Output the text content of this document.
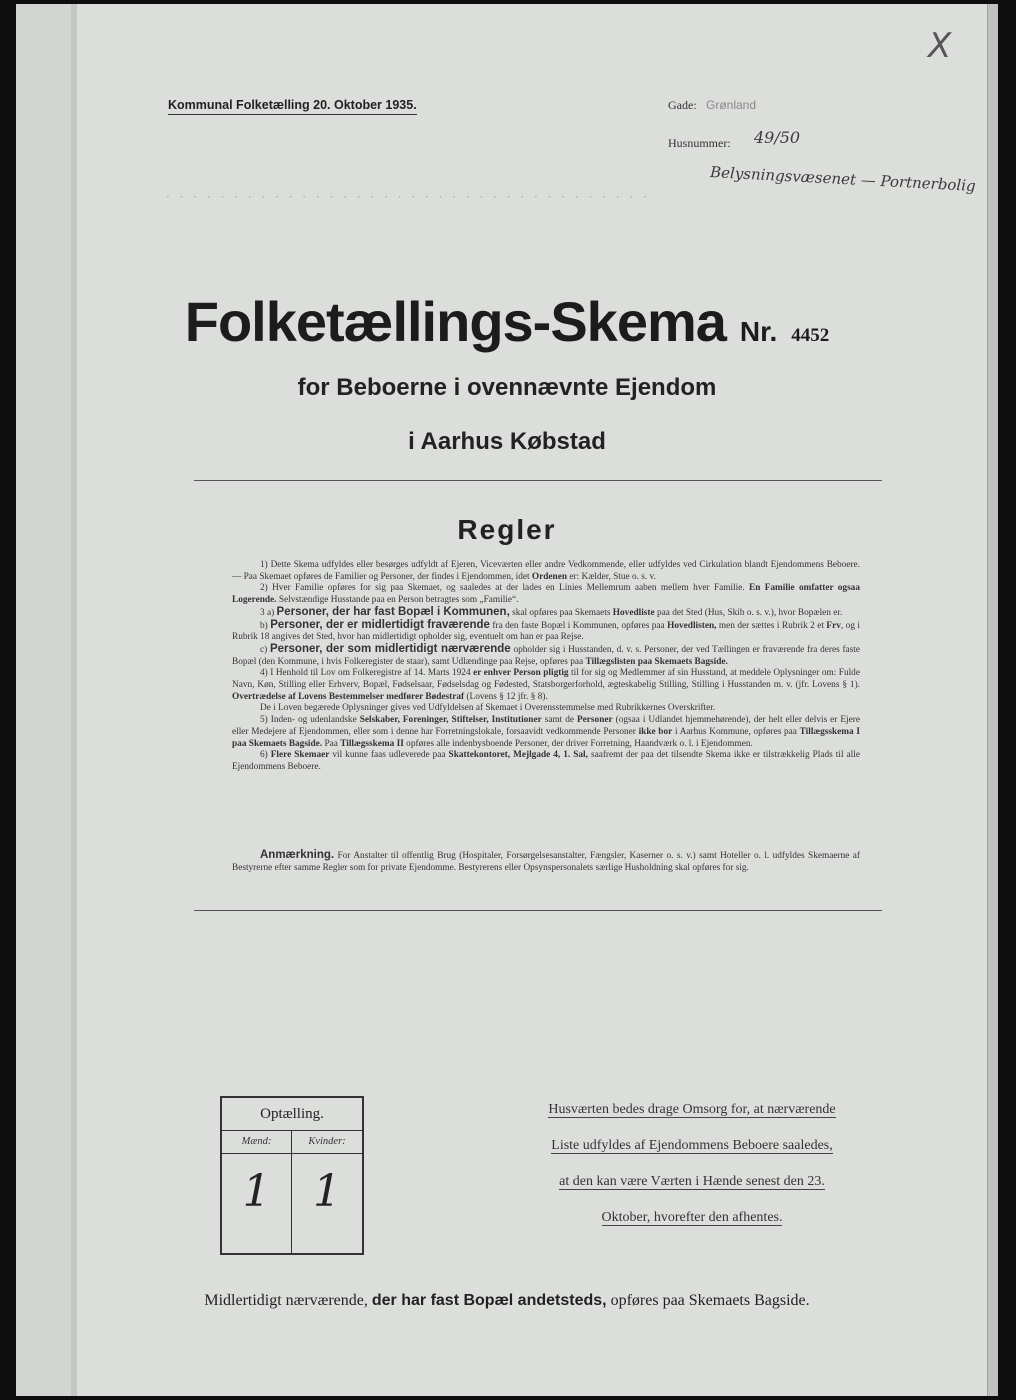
X
Kommunal Folketælling 20. Oktober 1935.	Gade: Grønland
Husnummer: 49/50
Belysningsvæsenet — Portnerbolig
· · · · · · · · · · · · · · · · · · · · · · · · · · · · · · · · · · · ·
Folketællings-Skema Nr. 4452
for Beboerne i ovennævnte Ejendom
i Aarhus Købstad
Regler

1) Dette Skema udfyldes eller besørges udfyldt af Ejeren, Viceværten eller andre Vedkommende, eller udfyldes ved Cirkulation blandt Ejendommens Beboere. — Paa Skemaet opføres de Familier og Personer, der findes i Ejendommen, idet Ordenen er: Kælder, Stue o. s. v.

2) Hver Familie opføres for sig paa Skemaet, og saaledes at der lades en Linies Mellemrum aaben mellem hver Familie. En Familie omfatter ogsaa Logerende. Selvstændige Husstande paa en Person betragtes som „Familie“.

3 a) Personer, der har fast Bopæl i Kommunen, skal opføres paa Skemaets Hovedliste paa det Sted (Hus, Skib o. s. v.), hvor Bopælen er.

b) Personer, der er midlertidigt fraværende fra den faste Bopæl i Kommunen, opføres paa Hovedlisten, men der sættes i Rubrik 2 et Frv, og i Rubrik 18 angives det Sted, hvor han midlertidigt opholder sig, eventuelt om han er paa Rejse.

c) Personer, der som midlertidigt nærværende opholder sig i Husstanden, d. v. s. Personer, der ved Tællingen er fraværende fra deres faste Bopæl (den Kommune, i hvis Folkeregister de staar), samt Udlændinge paa Rejse, opføres paa Tillægslisten paa Skemaets Bagside.

4) I Henhold til Lov om Folkeregistre af 14. Marts 1924 er enhver Person pligtig til for sig og Medlemmer af sin Husstand, at meddele Oplysninger om: Fulde Navn, Køn, Stilling eller Erhverv, Bopæl, Fødselsaar, Fødselsdag og Fødested, Statsborgerforhold, ægteskabelig Stilling, Stilling i Husstanden m. v. (jfr. Lovens § 1). Overtrædelse af Lovens Bestemmelser medfører Bødestraf (Lovens § 12 jfr. § 8).

De i Loven begærede Oplysninger gives ved Udfyldelsen af Skemaet i Overensstemmelse med Rubrikkernes Overskrifter.

5) Inden- og udenlandske Selskaber, Foreninger, Stiftelser, Institutioner samt de Personer (ogsaa i Udlandet hjemmehørende), der helt eller delvis er Ejere eller Medejere af Ejendommen, eller som i denne har Forretningslokale, forsaavidt vedkommende Personer ikke bor i Aarhus Kommune, opføres paa Tillægsskema I paa Skemaets Bagside. Paa Tillægsskema II opføres alle indenbysboende Personer, der driver Forretning, Haandværk o. l. i Ejendommen.

6) Flere Skemaer vil kunne faas udleverede paa Skattekontoret, Mejlgade 4, 1. Sal, saafremt der paa det tilsendte Skema ikke er tilstrækkelig Plads til alle Ejendommens Beboere.

Anmærkning. For Anstalter til offentlig Brug (Hospitaler, Forsørgelsesanstalter, Fængsler, Kaserner o. s. v.) samt Hoteller o. l. udfyldes Skemaerne af Bestyrerne efter samme Regler som for private Ejendomme. Bestyrerens eller Opsynspersonalets særlige Husholdning skal opføres for sig.

Optælling.
Mænd:
1
Kvinder:
1
Husværten bedes drage Omsorg for, at nærværende
Liste udfyldes af Ejendommens Beboere saaledes,
at den kan være Værten i Hænde senest den 23.
Oktober, hvorefter den afhentes.
Midlertidigt nærværende, der har fast Bopæl andetsteds, opføres paa Skemaets Bagside.
